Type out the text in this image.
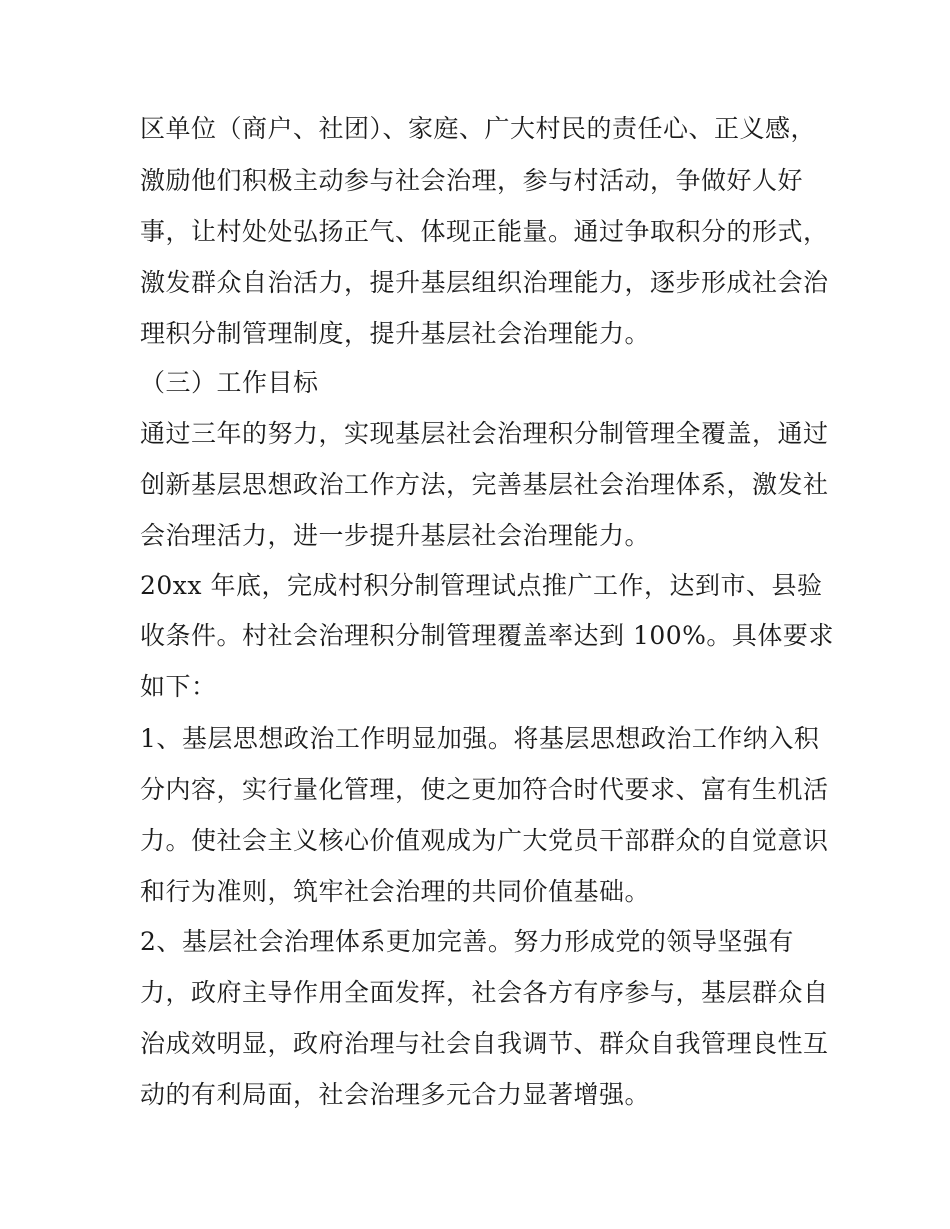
区单位（商户、社团）、家庭、广大村民的责任心、正义感，
激励他们积极主动参与社会治理，参与村活动，争做好人好
事，让村处处弘扬正气、体现正能量。通过争取积分的形式，
激发群众自治活力，提升基层组织治理能力，逐步形成社会治
理积分制管理制度，提升基层社会治理能力。
（三）工作目标
通过三年的努力，实现基层社会治理积分制管理全覆盖，通过
创新基层思想政治工作方法，完善基层社会治理体系，激发社
会治理活力，进一步提升基层社会治理能力。
20xx 年底，完成村积分制管理试点推广工作，达到市、县验
收条件。村社会治理积分制管理覆盖率达到 100%。具体要求
如下：
1、基层思想政治工作明显加强。将基层思想政治工作纳入积
分内容，实行量化管理，使之更加符合时代要求、富有生机活
力。使社会主义核心价值观成为广大党员干部群众的自觉意识
和行为准则，筑牢社会治理的共同价值基础。
2、基层社会治理体系更加完善。努力形成党的领导坚强有
力，政府主导作用全面发挥，社会各方有序参与，基层群众自
治成效明显，政府治理与社会自我调节、群众自我管理良性互
动的有利局面，社会治理多元合力显著增强。
